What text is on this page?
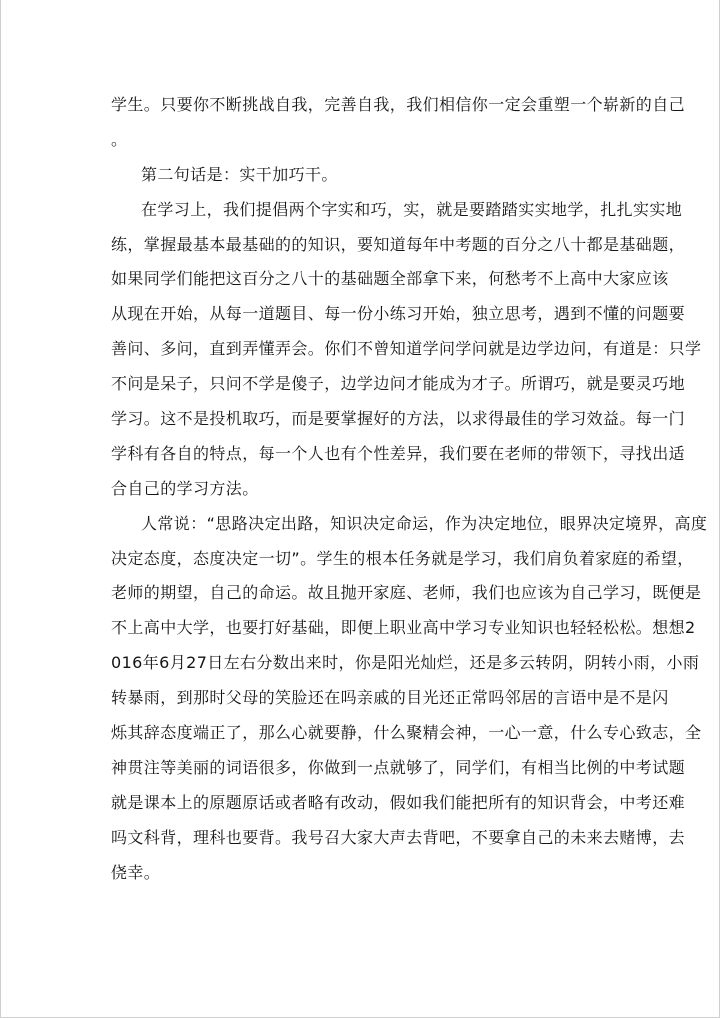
学生。只要你不断挑战自我，完善自我，我们相信你一定会重塑一个崭新的自己
。
第二句话是：实干加巧干。
在学习上，我们提倡两个字实和巧，实，就是要踏踏实实地学，扎扎实实地
练，掌握最基本最基础的的知识，要知道每年中考题的百分之八十都是基础题，
如果同学们能把这百分之八十的基础题全部拿下来，何愁考不上高中大家应该
从现在开始，从每一道题目、每一份小练习开始，独立思考，遇到不懂的问题要
善问、多问，直到弄懂弄会。你们不曾知道学问学问就是边学边问，有道是：只学
不问是呆子，只问不学是傻子，边学边问才能成为才子。所谓巧，就是要灵巧地
学习。这不是投机取巧，而是要掌握好的方法，以求得最佳的学习效益。每一门
学科有各自的特点，每一个人也有个性差异，我们要在老师的带领下，寻找出适
合自己的学习方法。
人常说：“思路决定出路，知识决定命运，作为决定地位，眼界决定境界，高度
决定态度，态度决定一切”。学生的根本任务就是学习，我们肩负着家庭的希望，
老师的期望，自己的命运。故且抛开家庭、老师，我们也应该为自己学习，既便是
不上高中大学，也要打好基础，即便上职业高中学习专业知识也轻轻松松。想想2
016年6月27日左右分数出来时，你是阳光灿烂，还是多云转阴，阴转小雨，小雨
转暴雨，到那时父母的笑脸还在吗亲戚的目光还正常吗邻居的言语中是不是闪
烁其辞态度端正了，那么心就要静，什么聚精会神，一心一意，什么专心致志，全
神贯注等美丽的词语很多，你做到一点就够了，同学们，有相当比例的中考试题
就是课本上的原题原话或者略有改动，假如我们能把所有的知识背会，中考还难
吗文科背，理科也要背。我号召大家大声去背吧，不要拿自己的未来去赌博，去
侥幸。
